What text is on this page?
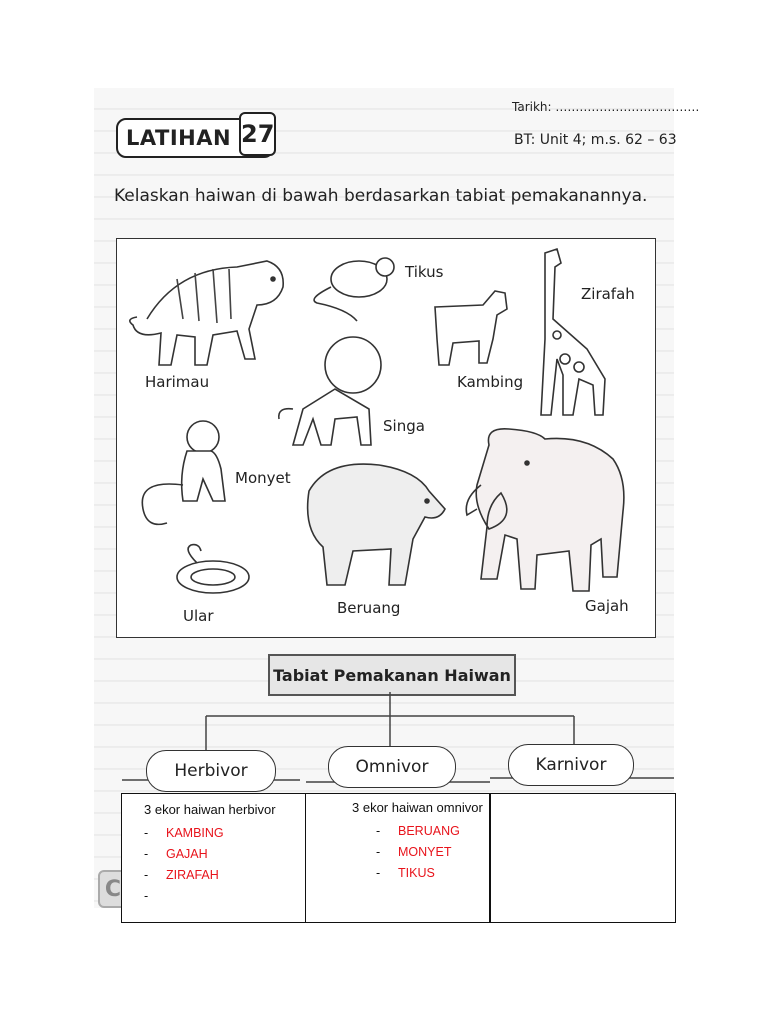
LATIHAN 27
Tarikh: ………………………………
BT: Unit 4; m.s. 62 – 63
Kelaskan haiwan di bawah berdasarkan tabiat pemakanannya.
Harimau
Tikus
Zirafah
Kambing
Singa
Monyet
Ular	Beruang	Gajah
Tabiat Pemakanan Haiwan
Herbivor	Omnivor	Karnivor
C
3 ekor haiwan herbivor
- KAMBING
- GAJAH
- ZIRAFAH
-
3 ekor haiwan omnivor
- BERUANG
- MONYET
- TIKUS
